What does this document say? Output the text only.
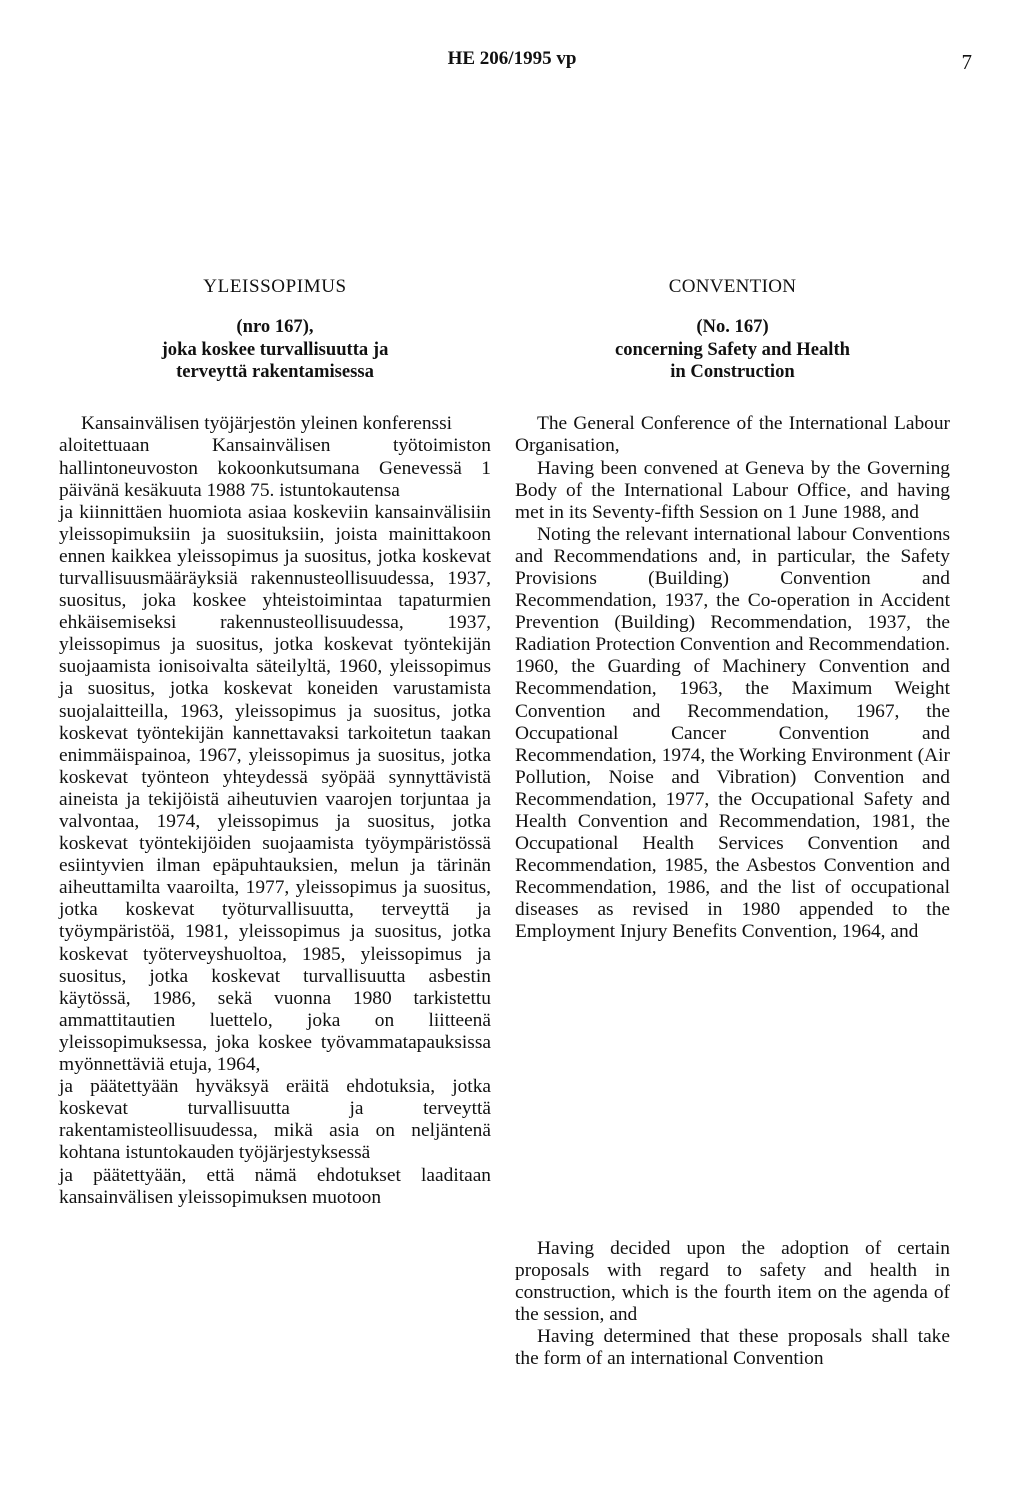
HE 206/1995 vp	7
YLEISSOPIMUS

(nro 167),
joka koskee turvallisuutta ja
terveyttä rakentamisessa

Kansainvälisen työjärjestön yleinen konferenssi

aloitettuaan Kansainvälisen työtoimiston hallintoneuvoston kokoonkutsumana Genevessä 1 päivänä kesäkuuta 1988 75. istuntokautensa

ja kiinnittäen huomiota asiaa koskeviin kansainvälisiin yleissopimuksiin ja suosituksiin, joista mainittakoon ennen kaikkea yleissopimus ja suositus, jotka koskevat turvallisuusmääräyksiä rakennusteollisuudessa, 1937, suositus, joka koskee yhteistoimintaa tapaturmien ehkäisemiseksi rakennusteollisuudessa, 1937, yleissopimus ja suositus, jotka koskevat työntekijän suojaamista ionisoivalta säteilyltä, 1960, yleissopimus ja suositus, jotka koskevat koneiden varustamista suojalaitteilla, 1963, yleissopimus ja suositus, jotka koskevat työntekijän kannettavaksi tarkoitetun taakan enimmäispainoa, 1967, yleissopimus ja suositus, jotka koskevat työnteon yhteydessä syöpää synnyttävistä aineista ja tekijöistä aiheutuvien vaarojen torjuntaa ja valvontaa, 1974, yleissopimus ja suositus, jotka koskevat työntekijöiden suojaamista työympäristössä esiintyvien ilman epäpuhtauksien, melun ja tärinän aiheuttamilta vaaroilta, 1977, yleissopimus ja suositus, jotka koskevat työturvallisuutta, terveyttä ja työympäristöä, 1981, yleissopimus ja suositus, jotka koskevat työterveyshuoltoa, 1985, yleissopimus ja suositus, jotka koskevat turvallisuutta asbestin käytössä, 1986, sekä vuonna 1980 tarkistettu ammattitautien luettelo, joka on liitteenä yleissopimuksessa, joka koskee työvammatapauksissa myönnettäviä etuja, 1964,

ja päätettyään hyväksyä eräitä ehdotuksia, jotka koskevat turvallisuutta ja terveyttä rakentamisteollisuudessa, mikä asia on neljäntenä kohtana istuntokauden työjärjestyksessä

ja päätettyään, että nämä ehdotukset laaditaan kansainvälisen yleissopimuksen muotoon

CONVENTION

(No. 167)
concerning Safety and Health
in Construction

The General Conference of the International Labour Organisation,

Having been convened at Geneva by the Governing Body of the International Labour Office, and having met in its Seventy-fifth Session on 1 June 1988, and

Noting the relevant international labour Conventions and Recommendations and, in particular, the Safety Provisions (Building) Convention and Recommendation, 1937, the Co-operation in Accident Prevention (Building) Recommendation, 1937, the Radiation Protection Convention and Recommendation. 1960, the Guarding of Machinery Convention and Recommendation, 1963, the Maximum Weight Convention and Recommendation, 1967, the Occupational Cancer Convention and Recommendation, 1974, the Working Environment (Air Pollution, Noise and Vibration) Convention and Recommendation, 1977, the Occupational Safety and Health Convention and Recommendation, 1981, the Occupational Health Services Convention and Recommendation, 1985, the Asbestos Convention and Recommendation, 1986, and the list of occupational diseases as revised in 1980 appended to the Employment Injury Benefits Convention, 1964, and

Having decided upon the adoption of certain proposals with regard to safety and health in construction, which is the fourth item on the agenda of the session, and

Having determined that these proposals shall take the form of an international Convention
